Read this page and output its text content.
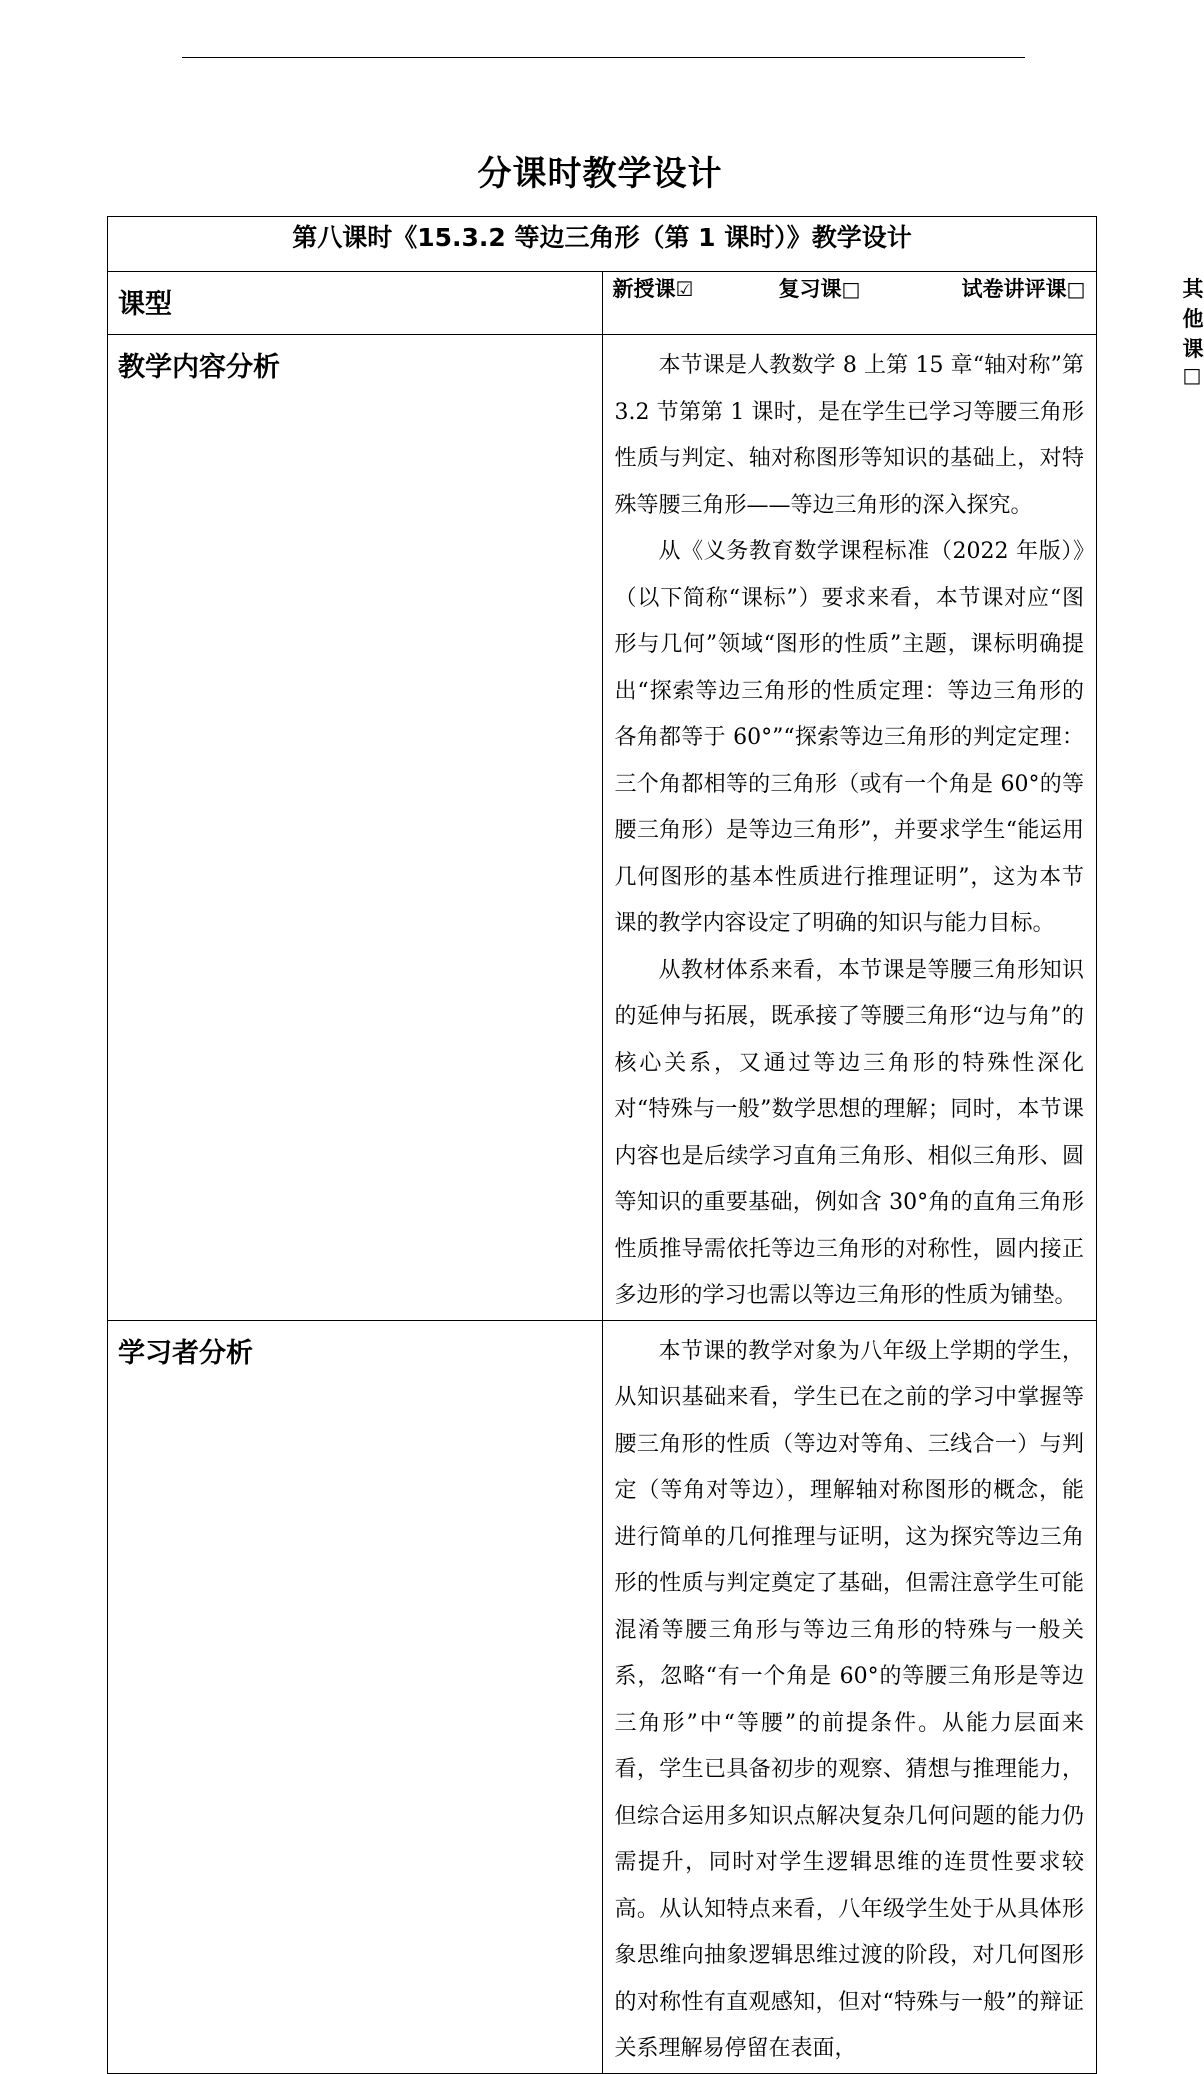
分课时教学设计
第八课时《15.3.2 等边三角形（第 1 课时）》教学设计	
课型	新授课☑ 复习课□ 试卷讲评课□ 其他课□

教学内容分析	本节课是人教数学 8 上第 15 章“轴对称”第 3.2 节第第 1 课时，是在学生已学习等腰三角形性质与判定、轴对称图形等知识的基础上，对特殊等腰三角形——等边三角形的深入探究。

从《义务教育数学课程标准（2022 年版）》（以下简称“课标”）要求来看，本节课对应“图形与几何”领域“图形的性质”主题，课标明确提出“探索等边三角形的性质定理：等边三角形的各角都等于 60°”“探索等边三角形的判定定理：三个角都相等的三角形（或有一个角是 60°的等腰三角形）是等边三角形”，并要求学生“能运用几何图形的基本性质进行推理证明”，这为本节课的教学内容设定了明确的知识与能力目标。

从教材体系来看，本节课是等腰三角形知识的延伸与拓展，既承接了等腰三角形“边与角”的核心关系，又通过等边三角形的特殊性深化对“特殊与一般”数学思想的理解；同时，本节课内容也是后续学习直角三角形、相似三角形、圆等知识的重要基础，例如含 30°角的直角三角形性质推导需依托等边三角形的对称性，圆内接正多边形的学习也需以等边三角形的性质为铺垫。

学习者分析	本节课的教学对象为八年级上学期的学生，从知识基础来看，学生已在之前的学习中掌握等腰三角形的性质（等边对等角、三线合一）与判定（等角对等边），理解轴对称图形的概念，能进行简单的几何推理与证明，这为探究等边三角形的性质与判定奠定了基础，但需注意学生可能混淆等腰三角形与等边三角形的特殊与一般关系，忽略“有一个角是 60°的等腰三角形是等边三角形”中“等腰”的前提条件。从能力层面来看，学生已具备初步的观察、猜想与推理能力，但综合运用多知识点解决复杂几何问题的能力仍需提升，同时对学生逻辑思维的连贯性要求较高。从认知特点来看，八年级学生处于从具体形象思维向抽象逻辑思维过渡的阶段，对几何图形的对称性有直观感知，但对“特殊与一般”的辩证关系理解易停留在表面，
